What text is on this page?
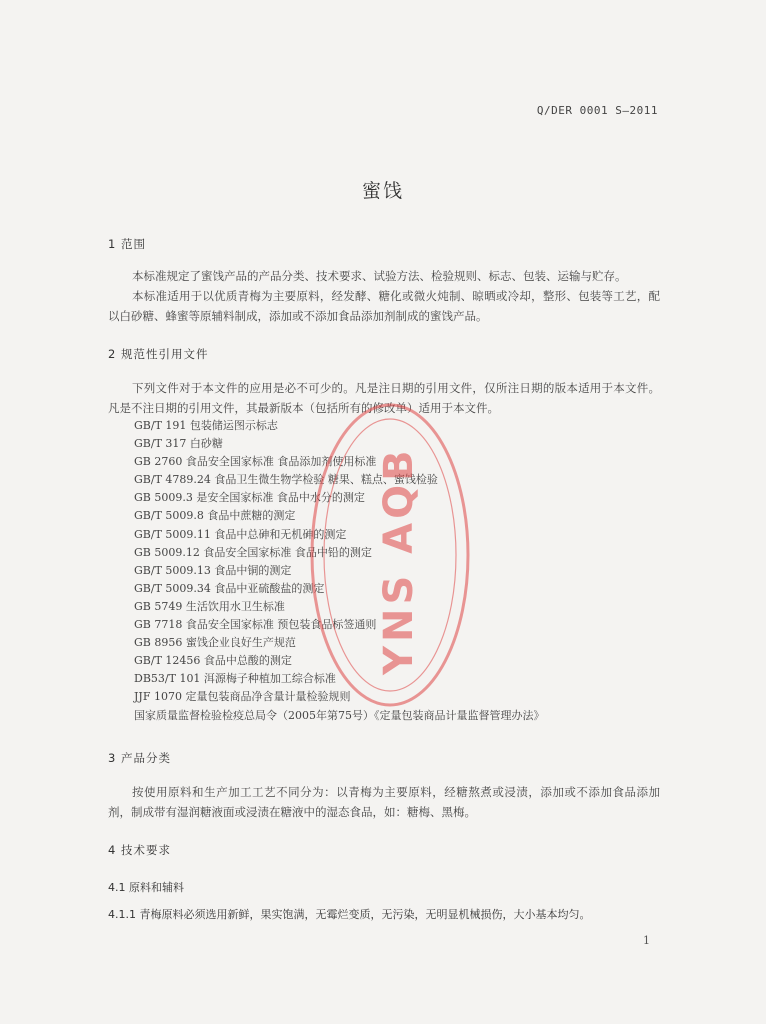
Q/DER 0001 S—2011
蜜饯
1 范围
本标准规定了蜜饯产品的产品分类、技术要求、试验方法、检验规则、标志、包装、运输与贮存。
本标准适用于以优质青梅为主要原料，经发酵、糖化或微火炖制、晾晒或冷却，整形、包装等工艺，配以白砂糖、蜂蜜等原辅料制成，添加或不添加食品添加剂制成的蜜饯产品。
2 规范性引用文件
下列文件对于本文件的应用是必不可少的。凡是注日期的引用文件，仅所注日期的版本适用于本文件。凡是不注日期的引用文件，其最新版本（包括所有的修改单）适用于本文件。
GB/T 191 包装储运图示标志
GB/T 317 白砂糖
GB 2760 食品安全国家标准 食品添加剂使用标准
GB/T 4789.24 食品卫生微生物学检验 糖果、糕点、蜜饯检验
GB 5009.3 是安全国家标准 食品中水分的测定
GB/T 5009.8 食品中蔗糖的测定
GB/T 5009.11 食品中总砷和无机砷的测定
GB 5009.12 食品安全国家标准 食品中铅的测定
GB/T 5009.13 食品中铜的测定
GB/T 5009.34 食品中亚硫酸盐的测定
GB 5749 生活饮用水卫生标准
GB 7718 食品安全国家标准 预包装食品标签通则
GB 8956 蜜饯企业良好生产规范
GB/T 12456 食品中总酸的测定
DB53/T 101 洱源梅子种植加工综合标准
JJF 1070 定量包装商品净含量计量检验规则
国家质量监督检验检疫总局令（2005年第75号）《定量包装商品计量监督管理办法》
3 产品分类
按使用原料和生产加工工艺不同分为：以青梅为主要原料，经糖熬煮或浸渍，添加或不添加食品添加剂，制成带有湿润糖液面或浸渍在糖液中的湿态食品，如：糖梅、黑梅。
4 技术要求
4.1 原料和辅料
4.1.1 青梅原料必须选用新鲜，果实饱满，无霉烂变质，无污染，无明显机械损伤，大小基本均匀。
1
YNS AQB
